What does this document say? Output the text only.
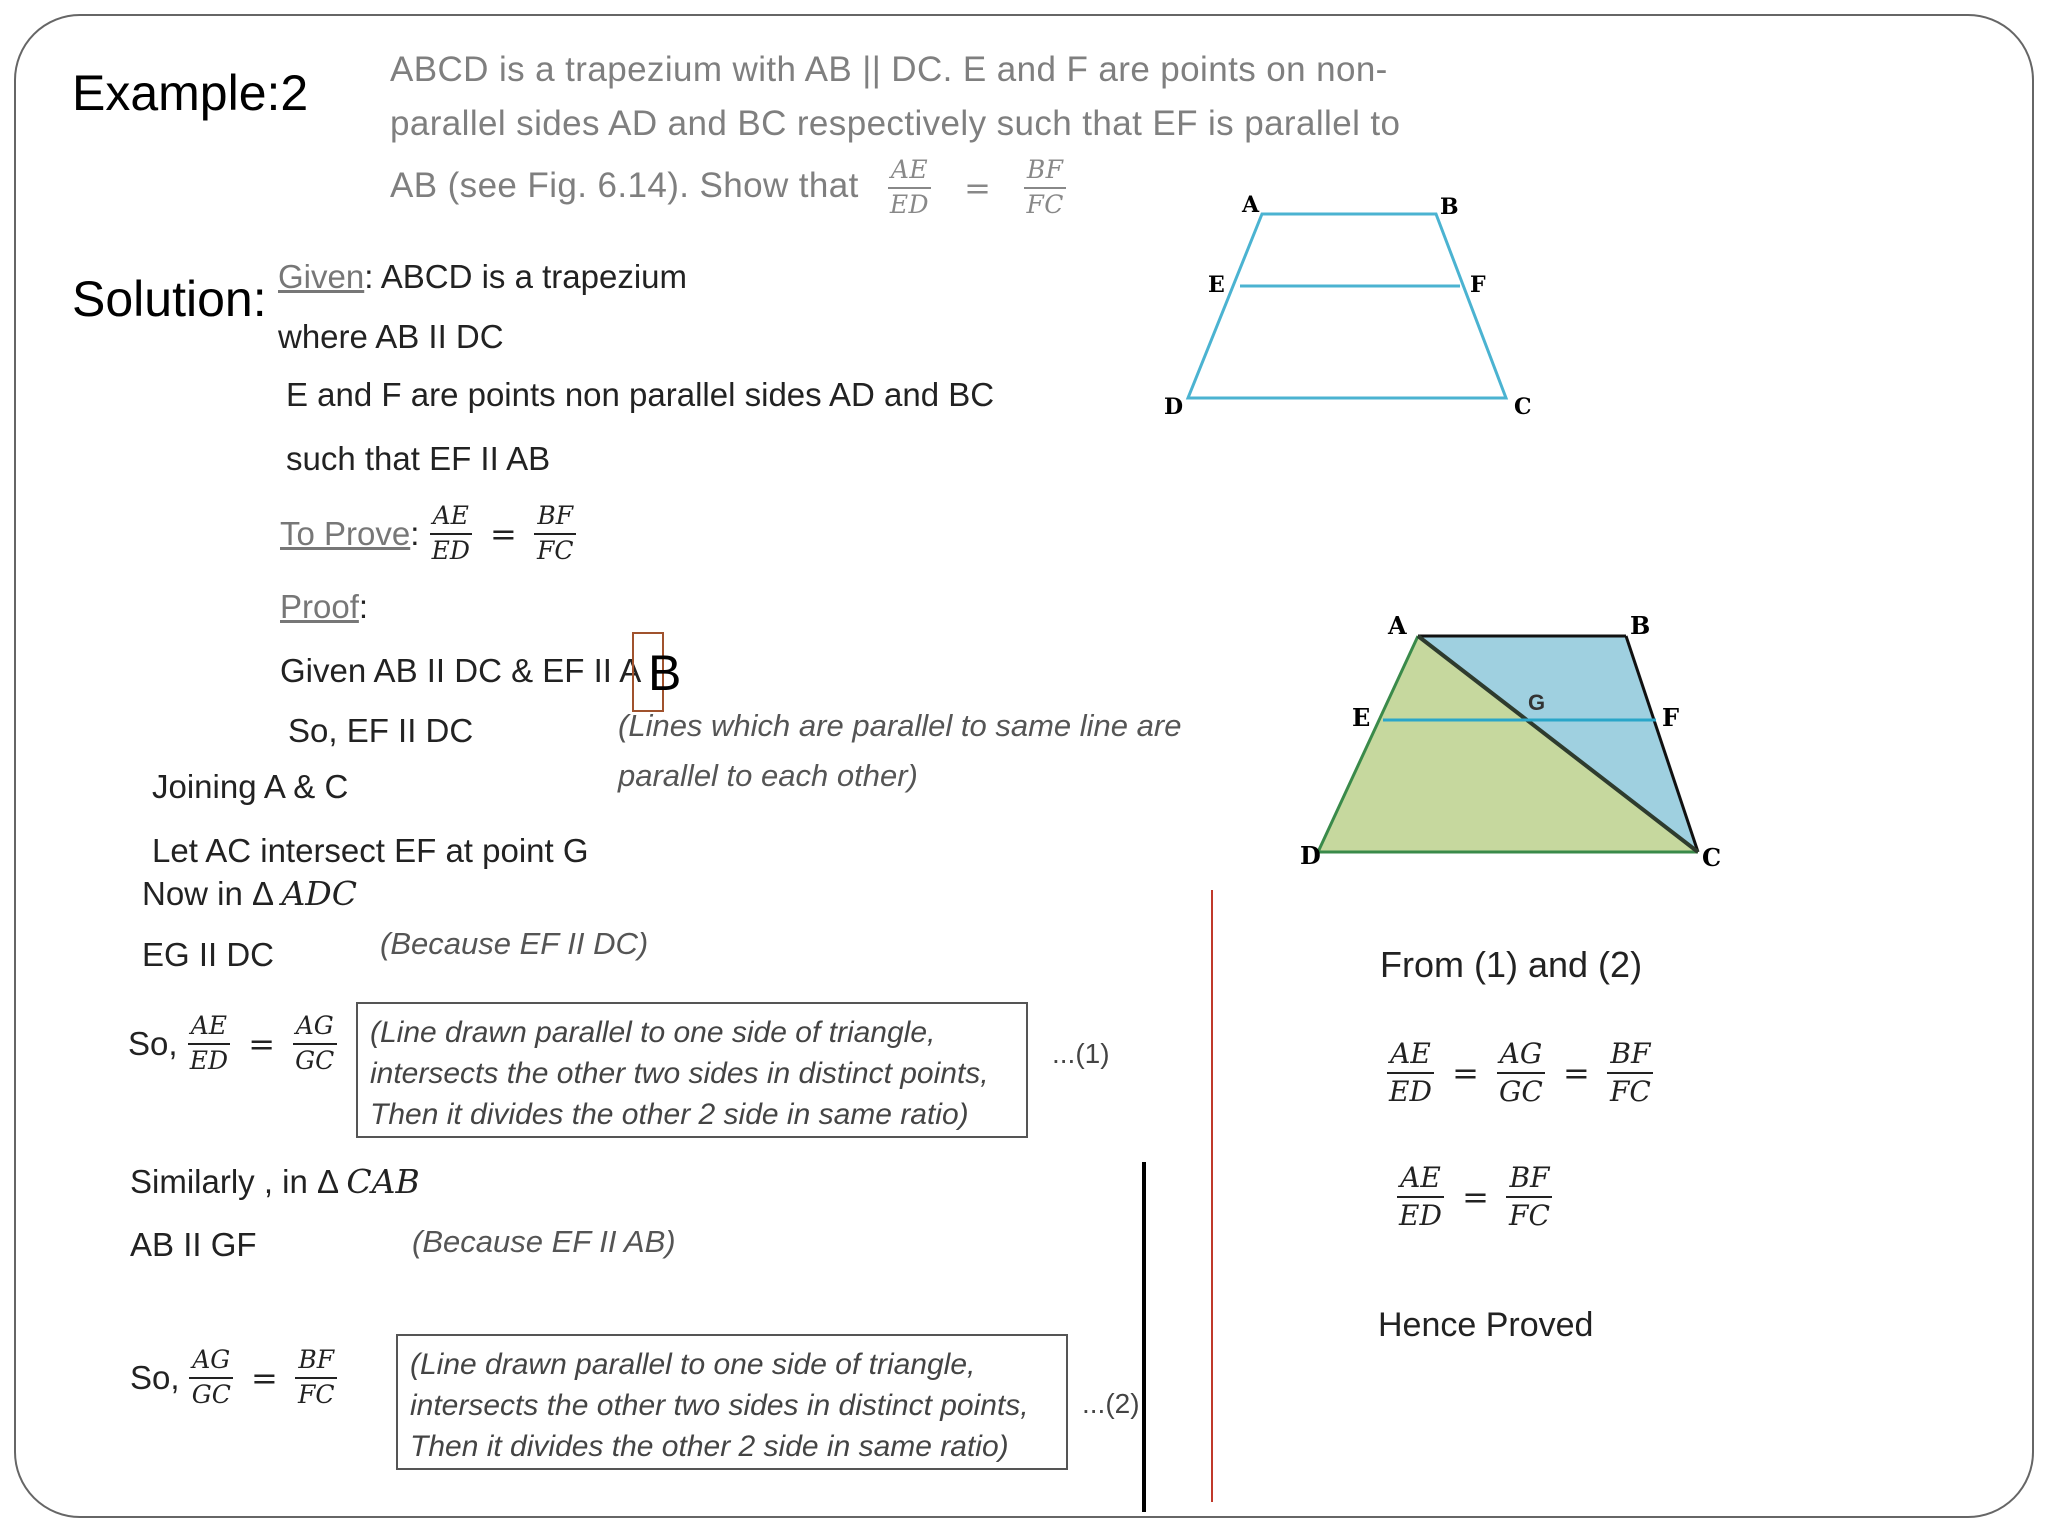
Example:2
Solution:
ABCD is a trapezium with AB || DC. E and F are points on non-
parallel sides AD and BC respectively such that EF is parallel to
AB (see Fig. 6.14). Show that $\frac{AE}{ED} = \frac{BF}{FC}$
Given: ABCD is a trapezium
where AB II DC
E and F are points non parallel sides AD and BC
such that EF II AB
To Prove: $\frac{AE}{ED} = \frac{BF}{FC}$
Proof:
Given AB II DC & EF II A B
So, EF II DC	(Lines which are parallel to same line are
parallel to each other)
Joining A & C
Let AC intersect EF at point G
Now in Δ ADC
EG II DC	(Because EF II DC)
So, $\frac{AE}{ED} = \frac{AG}{GC}$ (Line drawn parallel to one side of triangle,
intersects the other two sides in distinct points,
Then it divides the other 2 side in same ratio)
...(1)
Similarly , in Δ CAB
AB II GF	(Because EF II AB)
So, $\frac{AG}{GC} = \frac{BF}{FC}$ (Line drawn parallel to one side of triangle,
intersects the other two sides in distinct points,
Then it divides the other 2 side in same ratio)
...(2)
From (1) and (2)
$\frac{AE}{ED} = \frac{AG}{GC} = \frac{BF}{FC}$
$\frac{AE}{ED} = \frac{BF}{FC}$
Hence Proved
A	B
E	F
D	C
A	B
E	F
G
D	C
